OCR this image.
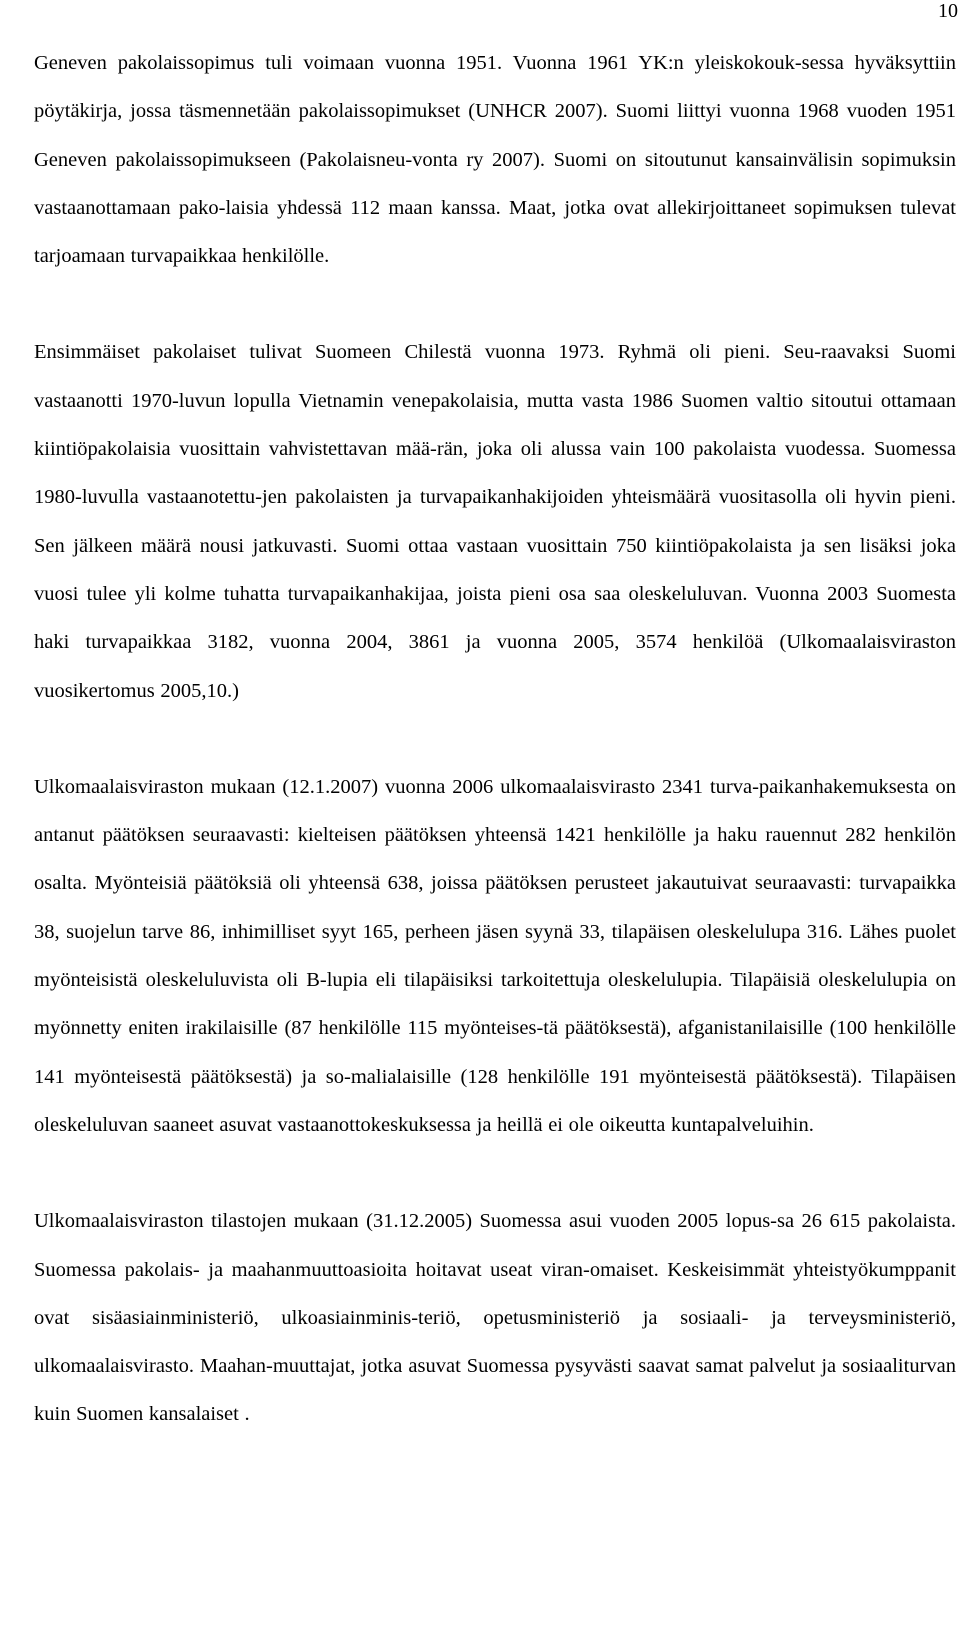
10

Geneven pakolaissopimus tuli voimaan vuonna 1951. Vuonna 1961 YK:n yleiskokouk-sessa hyväksyttiin pöytäkirja, jossa täsmennetään pakolaissopimukset (UNHCR 2007). Suomi liittyi vuonna 1968 vuoden 1951 Geneven pakolaissopimukseen (Pakolaisneu-vonta ry 2007). Suomi on sitoutunut kansainvälisin sopimuksin vastaanottamaan pako-laisia yhdessä 112 maan kanssa. Maat, jotka ovat allekirjoittaneet sopimuksen tulevat tarjoamaan turvapaikkaa henkilölle.

Ensimmäiset pakolaiset tulivat Suomeen Chilestä vuonna 1973. Ryhmä oli pieni. Seu-raavaksi Suomi vastaanotti 1970-luvun lopulla Vietnamin venepakolaisia, mutta vasta 1986 Suomen valtio sitoutui ottamaan kiintiöpakolaisia vuosittain vahvistettavan mää-rän, joka oli alussa vain 100 pakolaista vuodessa. Suomessa 1980-luvulla vastaanotettu-jen pakolaisten ja turvapaikanhakijoiden yhteismäärä vuositasolla oli hyvin pieni. Sen jälkeen määrä nousi jatkuvasti. Suomi ottaa vastaan vuosittain 750 kiintiöpakolaista ja sen lisäksi joka vuosi tulee yli kolme tuhatta turvapaikanhakijaa, joista pieni osa saa oleskeluluvan. Vuonna 2003 Suomesta haki turvapaikkaa 3182, vuonna 2004, 3861 ja vuonna 2005, 3574 henkilöä (Ulkomaalaisviraston vuosikertomus 2005,10.)

Ulkomaalaisviraston mukaan (12.1.2007) vuonna 2006 ulkomaalaisvirasto 2341 turva-paikanhakemuksesta on antanut päätöksen seuraavasti: kielteisen päätöksen yhteensä 1421 henkilölle ja haku rauennut 282 henkilön osalta. Myönteisiä päätöksiä oli yhteensä 638, joissa päätöksen perusteet jakautuivat seuraavasti: turvapaikka 38, suojelun tarve 86, inhimilliset syyt 165, perheen jäsen syynä 33, tilapäisen oleskelulupa 316. Lähes puolet myönteisistä oleskeluluvista oli B-lupia eli tilapäisiksi tarkoitettuja oleskelulupia. Tilapäisiä oleskelulupia on myönnetty eniten irakilaisille (87 henkilölle 115 myönteises-tä päätöksestä), afganistanilaisille (100 henkilölle 141 myönteisestä päätöksestä) ja so-malialaisille (128 henkilölle 191 myönteisestä päätöksestä). Tilapäisen oleskeluluvan saaneet asuvat vastaanottokeskuksessa ja heillä ei ole oikeutta kuntapalveluihin.

Ulkomaalaisviraston tilastojen mukaan (31.12.2005) Suomessa asui vuoden 2005 lopus-sa 26 615 pakolaista. Suomessa pakolais- ja maahanmuuttoasioita hoitavat useat viran-omaiset. Keskeisimmät yhteistyökumppanit ovat sisäasiainministeriö, ulkoasiainminis-teriö, opetusministeriö ja sosiaali- ja terveysministeriö, ulkomaalaisvirasto. Maahan-muuttajat, jotka asuvat Suomessa pysyvästi saavat samat palvelut ja sosiaaliturvan kuin Suomen kansalaiset .
